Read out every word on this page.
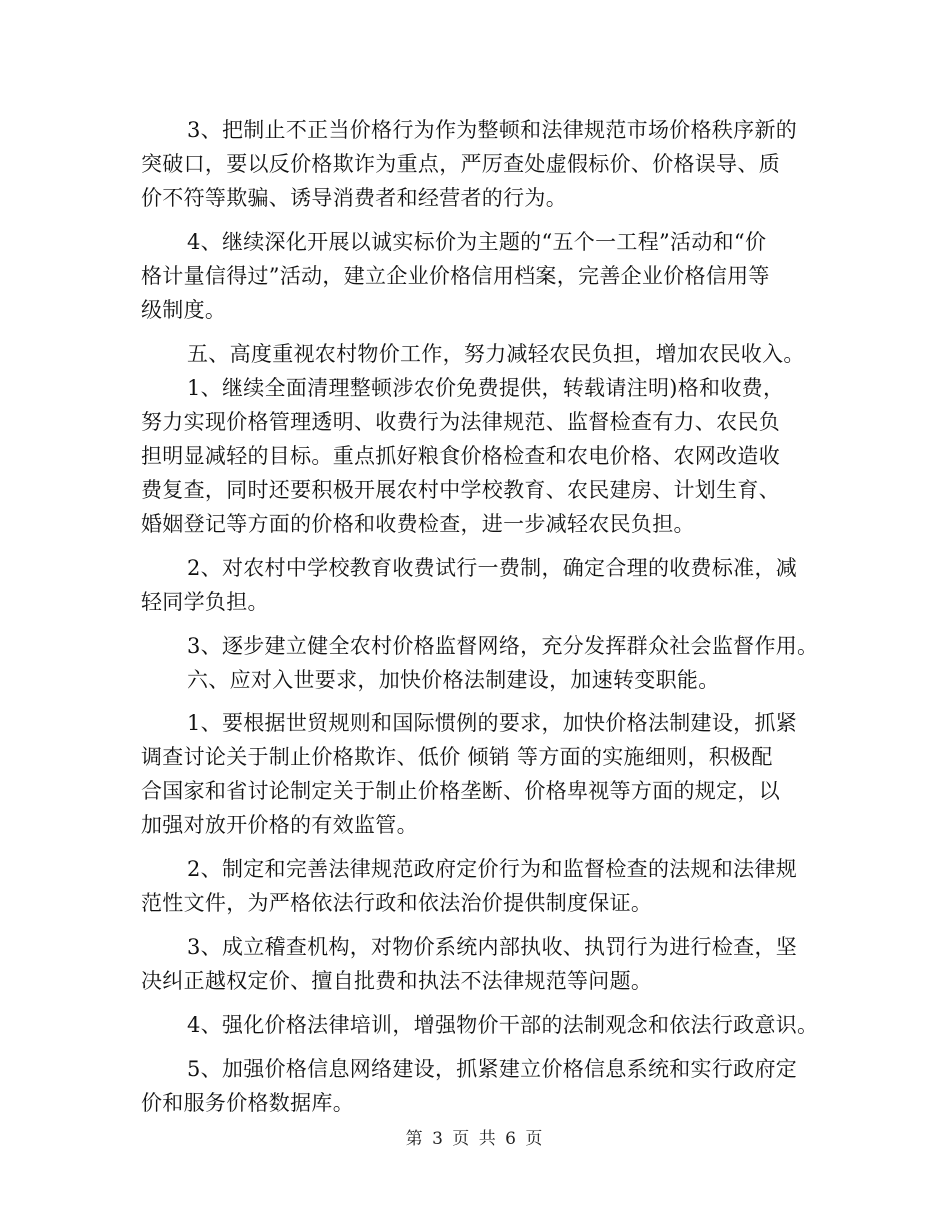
3、把制止不正当价格行为作为整顿和法律规范市场价格秩序新的
突破口，要以反价格欺诈为重点，严厉查处虚假标价、价格误导、质
价不符等欺骗、诱导消费者和经营者的行为。
4、继续深化开展以诚实标价为主题的“五个一工程”活动和“价
格计量信得过”活动，建立企业价格信用档案，完善企业价格信用等
级制度。
五、高度重视农村物价工作，努力减轻农民负担，增加农民收入。
1、继续全面清理整顿涉农价免费提供，转载请注明)格和收费，
努力实现价格管理透明、收费行为法律规范、监督检查有力、农民负
担明显减轻的目标。重点抓好粮食价格检查和农电价格、农网改造收
费复查，同时还要积极开展农村中学校教育、农民建房、计划生育、
婚姻登记等方面的价格和收费检查，进一步减轻农民负担。
2、对农村中学校教育收费试行一费制，确定合理的收费标准，减
轻同学负担。
3、逐步建立健全农村价格监督网络，充分发挥群众社会监督作用。
六、应对入世要求，加快价格法制建设，加速转变职能。
1、要根据世贸规则和国际惯例的要求，加快价格法制建设，抓紧
调查讨论关于制止价格欺诈、低价 倾销 等方面的实施细则，积极配
合国家和省讨论制定关于制止价格垄断、价格卑视等方面的规定，以
加强对放开价格的有效监管。
2、制定和完善法律规范政府定价行为和监督检查的法规和法律规
范性文件，为严格依法行政和依法治价提供制度保证。
3、成立稽查机构，对物价系统内部执收、执罚行为进行检查，坚
决纠正越权定价、擅自批费和执法不法律规范等问题。
4、强化价格法律培训，增强物价干部的法制观念和依法行政意识。
5、加强价格信息网络建设，抓紧建立价格信息系统和实行政府定
价和服务价格数据库。
第 3 页 共 6 页
